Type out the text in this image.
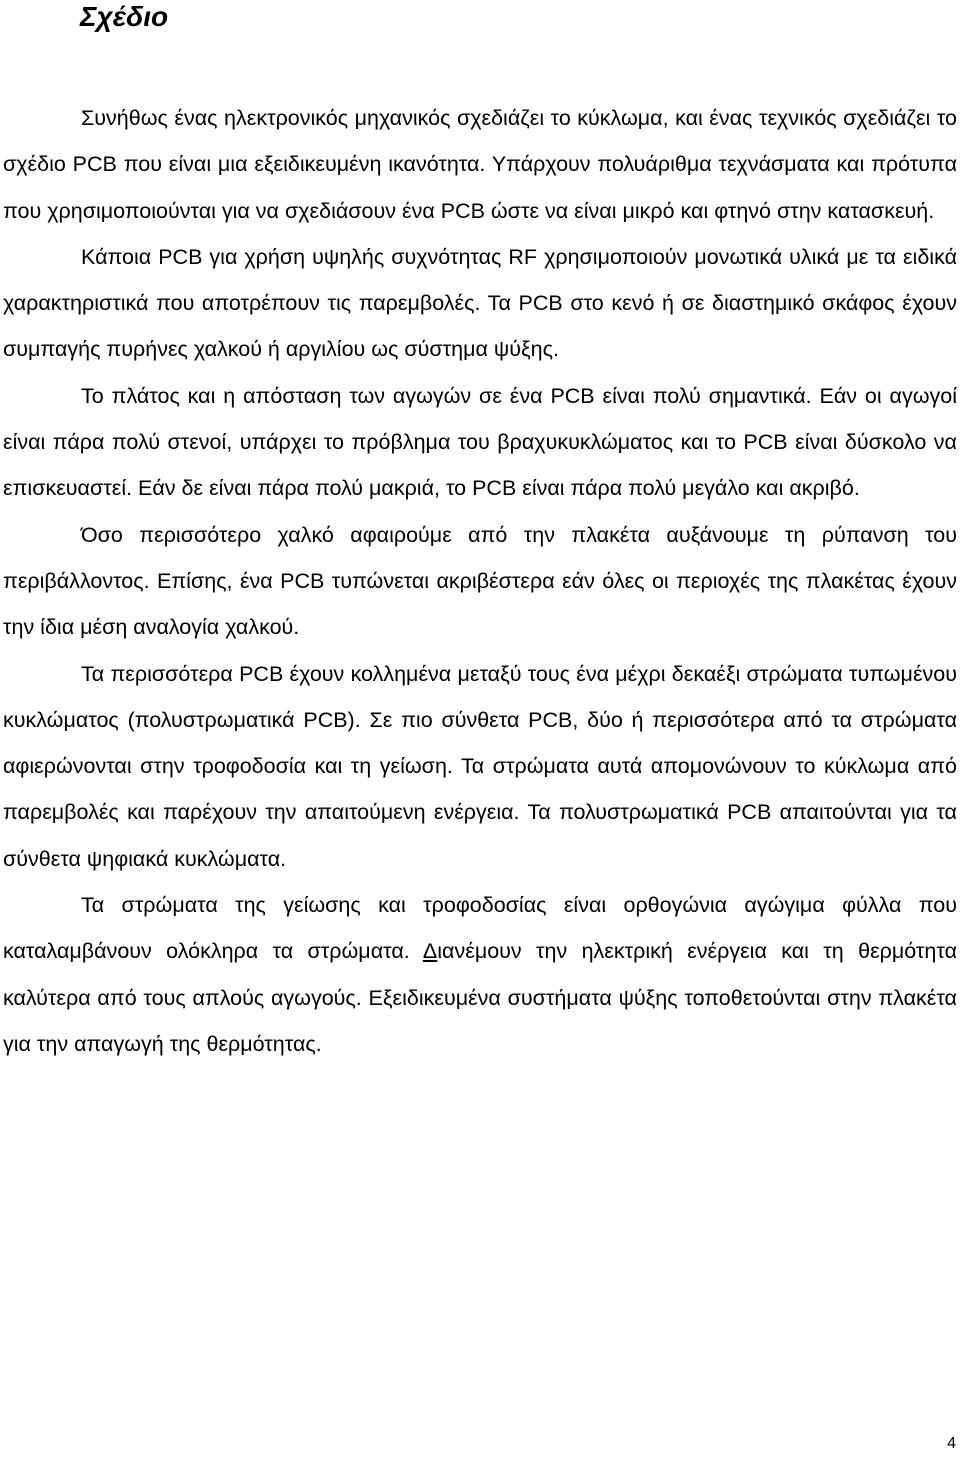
Σχέδιο

Συνήθως ένας ηλεκτρονικός μηχανικός σχεδιάζει το κύκλωμα, και ένας τεχνικός σχεδιάζει το σχέδιο PCB που είναι μια εξειδικευμένη ικανότητα. Υπάρχουν πολυάριθμα τεχνάσματα και πρότυπα που χρησιμοποιούνται για να σχεδιάσουν ένα PCB ώστε να είναι μικρό και φτηνό στην κατασκευή.

Κάποια PCB για χρήση υψηλής συχνότητας RF χρησιμοποιούν μονωτικά υλικά με τα ειδικά χαρακτηριστικά που αποτρέπουν τις παρεμβολές. Τα PCB στο κενό ή σε διαστημικό σκάφος έχουν συμπαγής πυρήνες χαλκού ή αργιλίου ως σύστημα ψύξης.

Το πλάτος και η απόσταση των αγωγών σε ένα PCB είναι πολύ σημαντικά. Εάν οι αγωγοί είναι πάρα πολύ στενοί, υπάρχει το πρόβλημα του βραχυκυκλώματος και το PCB είναι δύσκολο να επισκευαστεί. Εάν δε είναι πάρα πολύ μακριά, το PCB είναι πάρα πολύ μεγάλο και ακριβό.

Όσο περισσότερο χαλκό αφαιρούμε από την πλακέτα αυξάνουμε τη ρύπανση του περιβάλλοντος. Επίσης, ένα PCB τυπώνεται ακριβέστερα εάν όλες οι περιοχές της πλακέτας έχουν την ίδια μέση αναλογία χαλκού.

Τα περισσότερα PCB έχουν κολλημένα μεταξύ τους ένα μέχρι δεκαέξι στρώματα τυπωμένου κυκλώματος (πολυστρωματικά PCB). Σε πιο σύνθετα PCB, δύο ή περισσότερα από τα στρώματα αφιερώνονται στην τροφοδοσία και τη γείωση. Τα στρώματα αυτά απομονώνουν το κύκλωμα από παρεμβολές και παρέχουν την απαιτούμενη ενέργεια. Τα πολυστρωματικά PCB απαιτούνται για τα σύνθετα ψηφιακά κυκλώματα.

Τα στρώματα της γείωσης και τροφοδοσίας είναι ορθογώνια αγώγιμα φύλλα που καταλαμβάνουν ολόκληρα τα στρώματα. Διανέμουν την ηλεκτρική ενέργεια και τη θερμότητα καλύτερα από τους απλούς αγωγούς. Εξειδικευμένα συστήματα ψύξης τοποθετούνται στην πλακέτα για την απαγωγή της θερμότητας.

4
